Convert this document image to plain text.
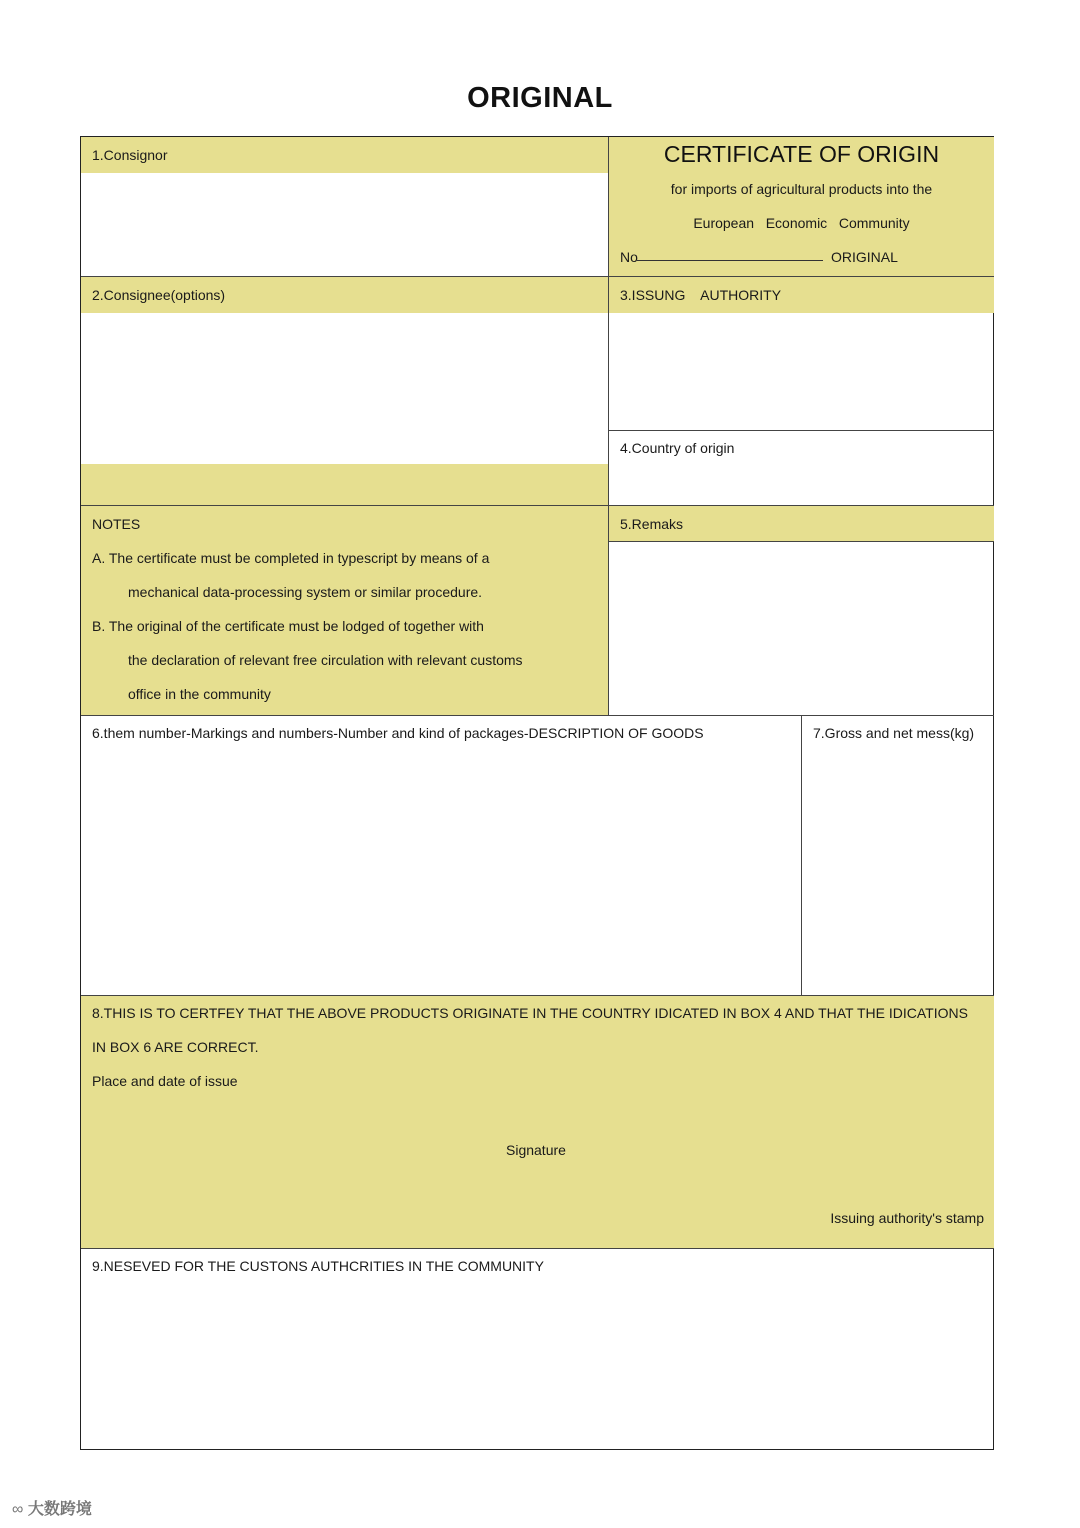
ORIGINAL
1.Consignor	CERTIFICATE OF ORIGIN
for imports of agricultural products into the
European   Economic   Community
No	ORIGINAL
2.Consignee(options)	3.ISSUNG    AUTHORITY
4.Country of origin
NOTES
A. The certificate must be completed in typescript by means of a
mechanical data-processing system or similar procedure.
B. The original of the certificate must be lodged of together with
the declaration of relevant free circulation with relevant customs
office in the community
5.Remaks
6.them number-Markings and numbers-Number and kind of packages-DESCRIPTION OF GOODS	7.Gross and net mess(kg)
8.THIS IS TO CERTFEY THAT THE ABOVE PRODUCTS ORIGINATE IN THE COUNTRY IDICATED IN BOX 4 AND THAT THE IDICATIONS
IN BOX 6 ARE CORRECT.
Place and date of issue
Signature
Issuing authority's stamp
9.NESEVED FOR THE CUSTONS AUTHCRITIES IN THE COMMUNITY
∞ 大数跨境
